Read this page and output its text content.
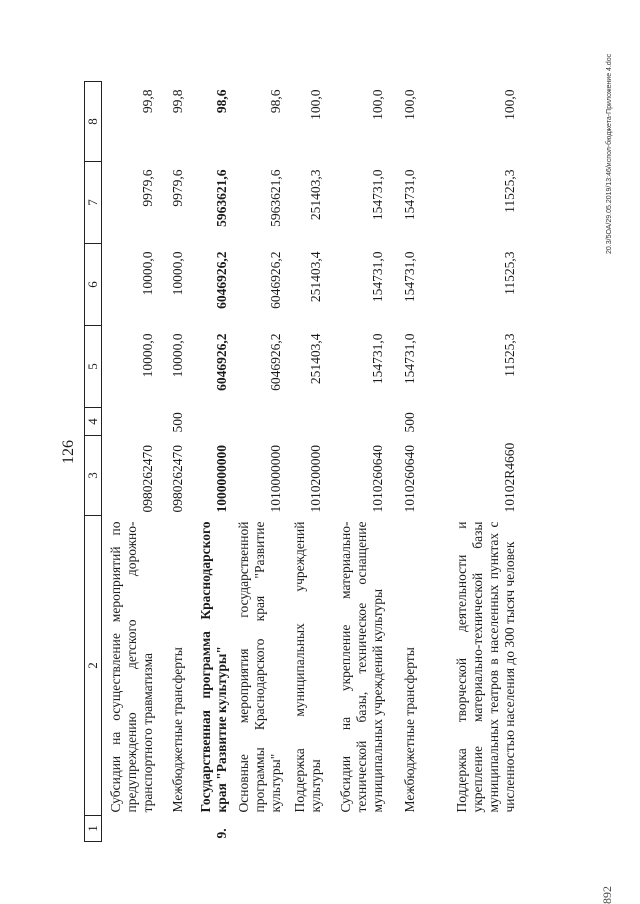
126
1	2	3	4	5	6	7	8
	Субсидии на осуществление мероприятий по предупреждению детского дорожно-транспортного травматизма	0980262470		10000,0	10000,0	9979,6	99,8
	Межбюджетные трансферты	0980262470	500	10000,0	10000,0	9979,6	99,8
9.	Государственная программа Краснодарского края "Развитие культуры"	1000000000		6046926,2	6046926,2	5963621,6	98,6
	Основные мероприятия государственной программы Краснодарского края "Развитие культуры"	1010000000		6046926,2	6046926,2	5963621,6	98,6
	Поддержка муниципальных учреждений культуры	1010200000		251403,4	251403,4	251403,3	100,0
	Субсидии на укрепление материально-технической базы, техническое оснащение муниципальных учреждений культуры	1010260640		154731,0	154731,0	154731,0	100,0
	Межбюджетные трансферты	1010260640	500	154731,0	154731,0	154731,0	100,0
	Поддержка творческой деятельности и укрепление материально-технической базы муниципальных театров в населенных пунктах с численностью населения до 300 тысяч человек	10102R4660		11525,3	11525,3	11525,3	100,0	20.3/5ОА/29.05.2019/13:46/испол-бюджета-Приложение 4.doc
892
